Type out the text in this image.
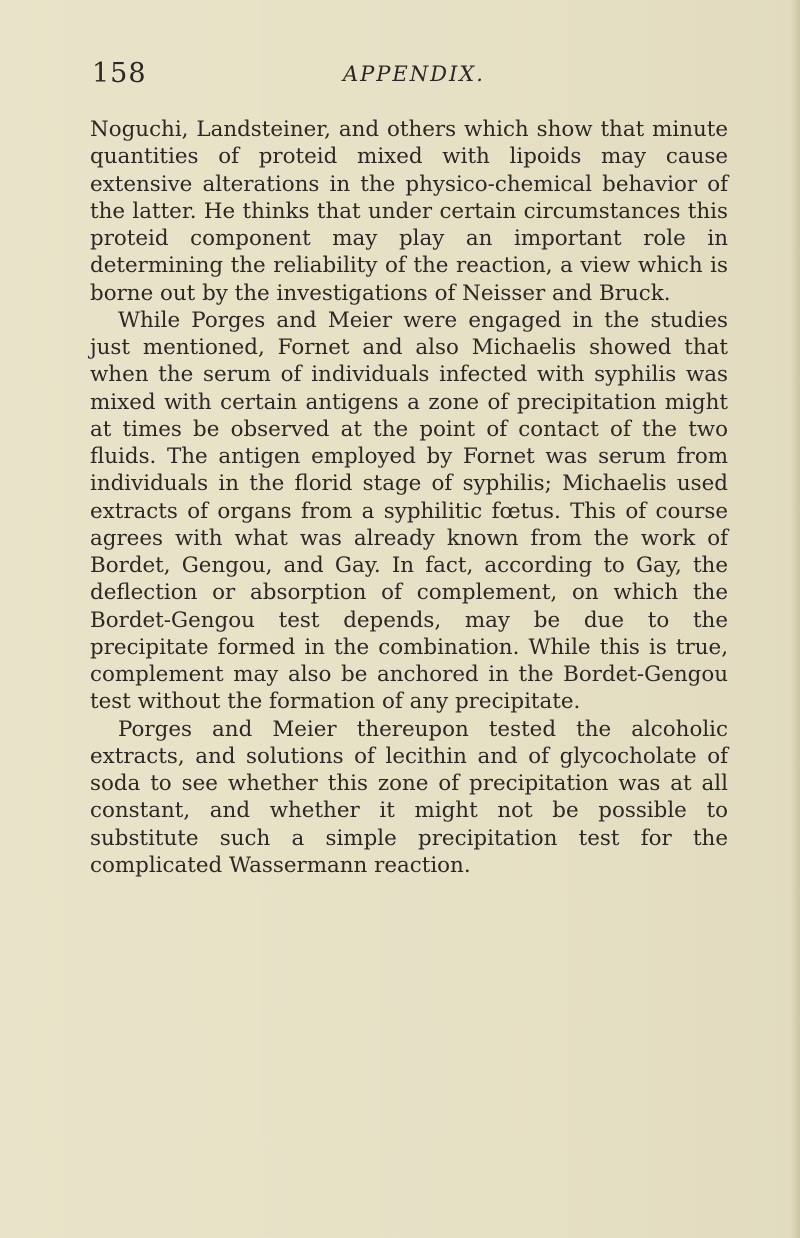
158	APPENDIX.

Noguchi, Landsteiner, and others which show that minute quantities of proteid mixed with lipoids may cause extensive alterations in the physico-chemical behavior of the latter. He thinks that under certain circumstances this proteid component may play an important role in determining the reliability of the reaction, a view which is borne out by the investigations of Neisser and Bruck.

While Porges and Meier were engaged in the studies just mentioned, Fornet and also Michaelis showed that when the serum of individuals infected with syphilis was mixed with certain antigens a zone of precipitation might at times be observed at the point of contact of the two fluids. The antigen employed by Fornet was serum from individuals in the florid stage of syphilis; Michaelis used extracts of organs from a syphilitic fœtus. This of course agrees with what was already known from the work of Bordet, Gengou, and Gay. In fact, according to Gay, the deflection or absorption of complement, on which the Bordet-Gengou test depends, may be due to the precipitate formed in the combination. While this is true, complement may also be anchored in the Bordet-Gengou test without the formation of any precipitate.

Porges and Meier thereupon tested the alcoholic extracts, and solutions of lecithin and of glycocholate of soda to see whether this zone of precipitation was at all constant, and whether it might not be possible to substitute such a simple precipitation test for the complicated Wassermann reaction.
